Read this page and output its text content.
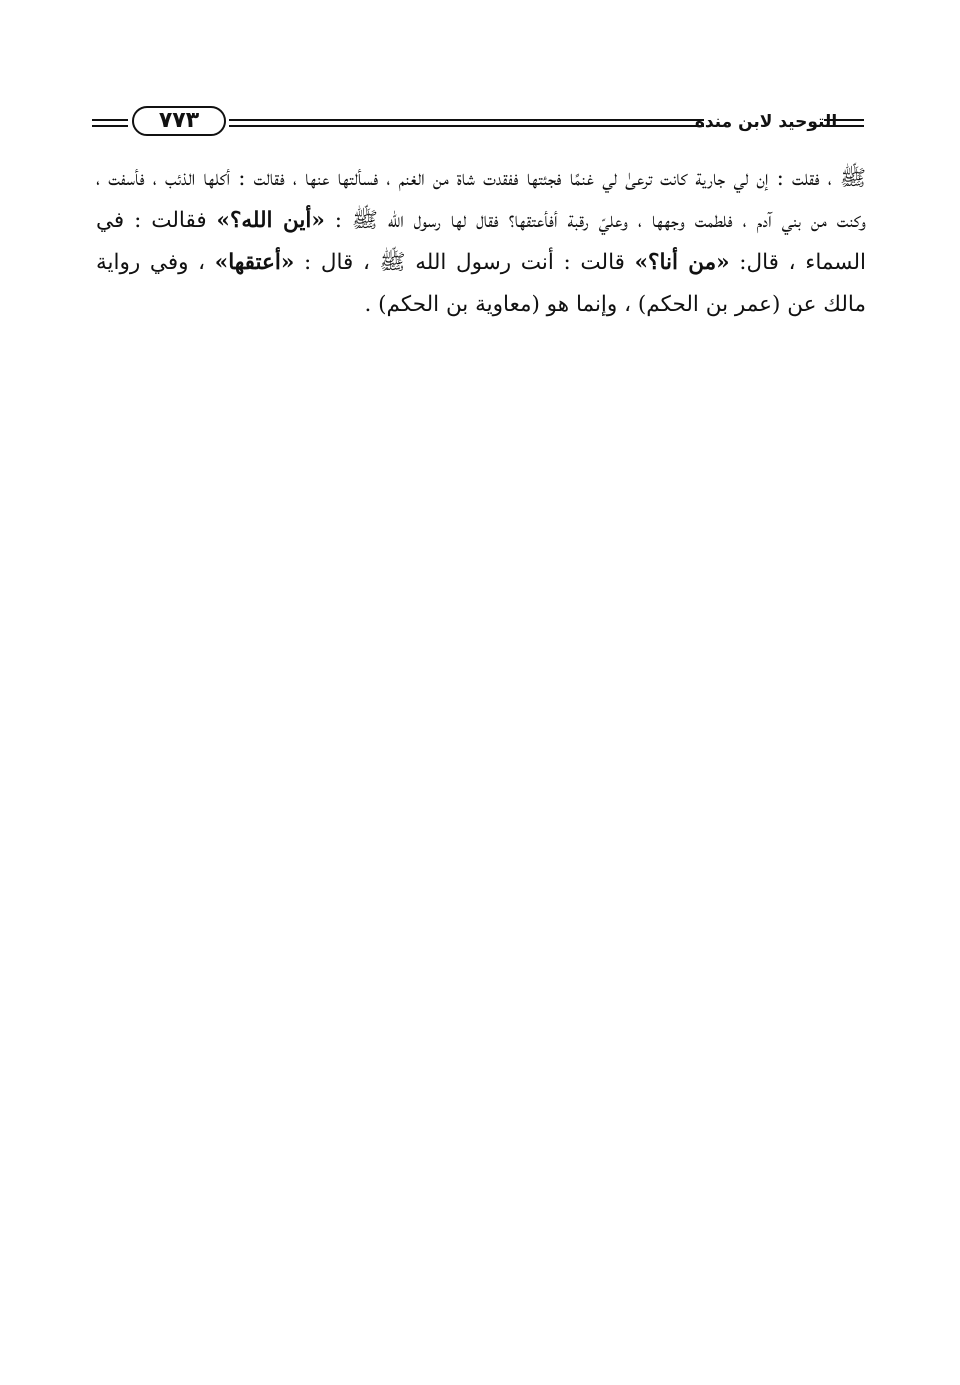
٧٧٣	التوحيد لابن منده

ﷺ ، فقلت : إن لي جارية كانت ترعىٰ لي غنمًا فجئتها ففقدت شاة من الغنم ، فسألتها عنها ، فقالت : أكلها الذئب ، فأسفت ، وكنت من بني آدم ، فلطمت وجهها ، وعليّ رقبة أفأعتقها؟ فقال لها رسول الله ﷺ : «أين الله؟» فقالت : في السماء ، قال: «من أنا؟» قالت : أنت رسول الله ﷺ ، قال : «أعتقها» ، وفي رواية مالك عن (عمر بن الحكم) ، وإنما هو (معاوية بن الحكم) .
